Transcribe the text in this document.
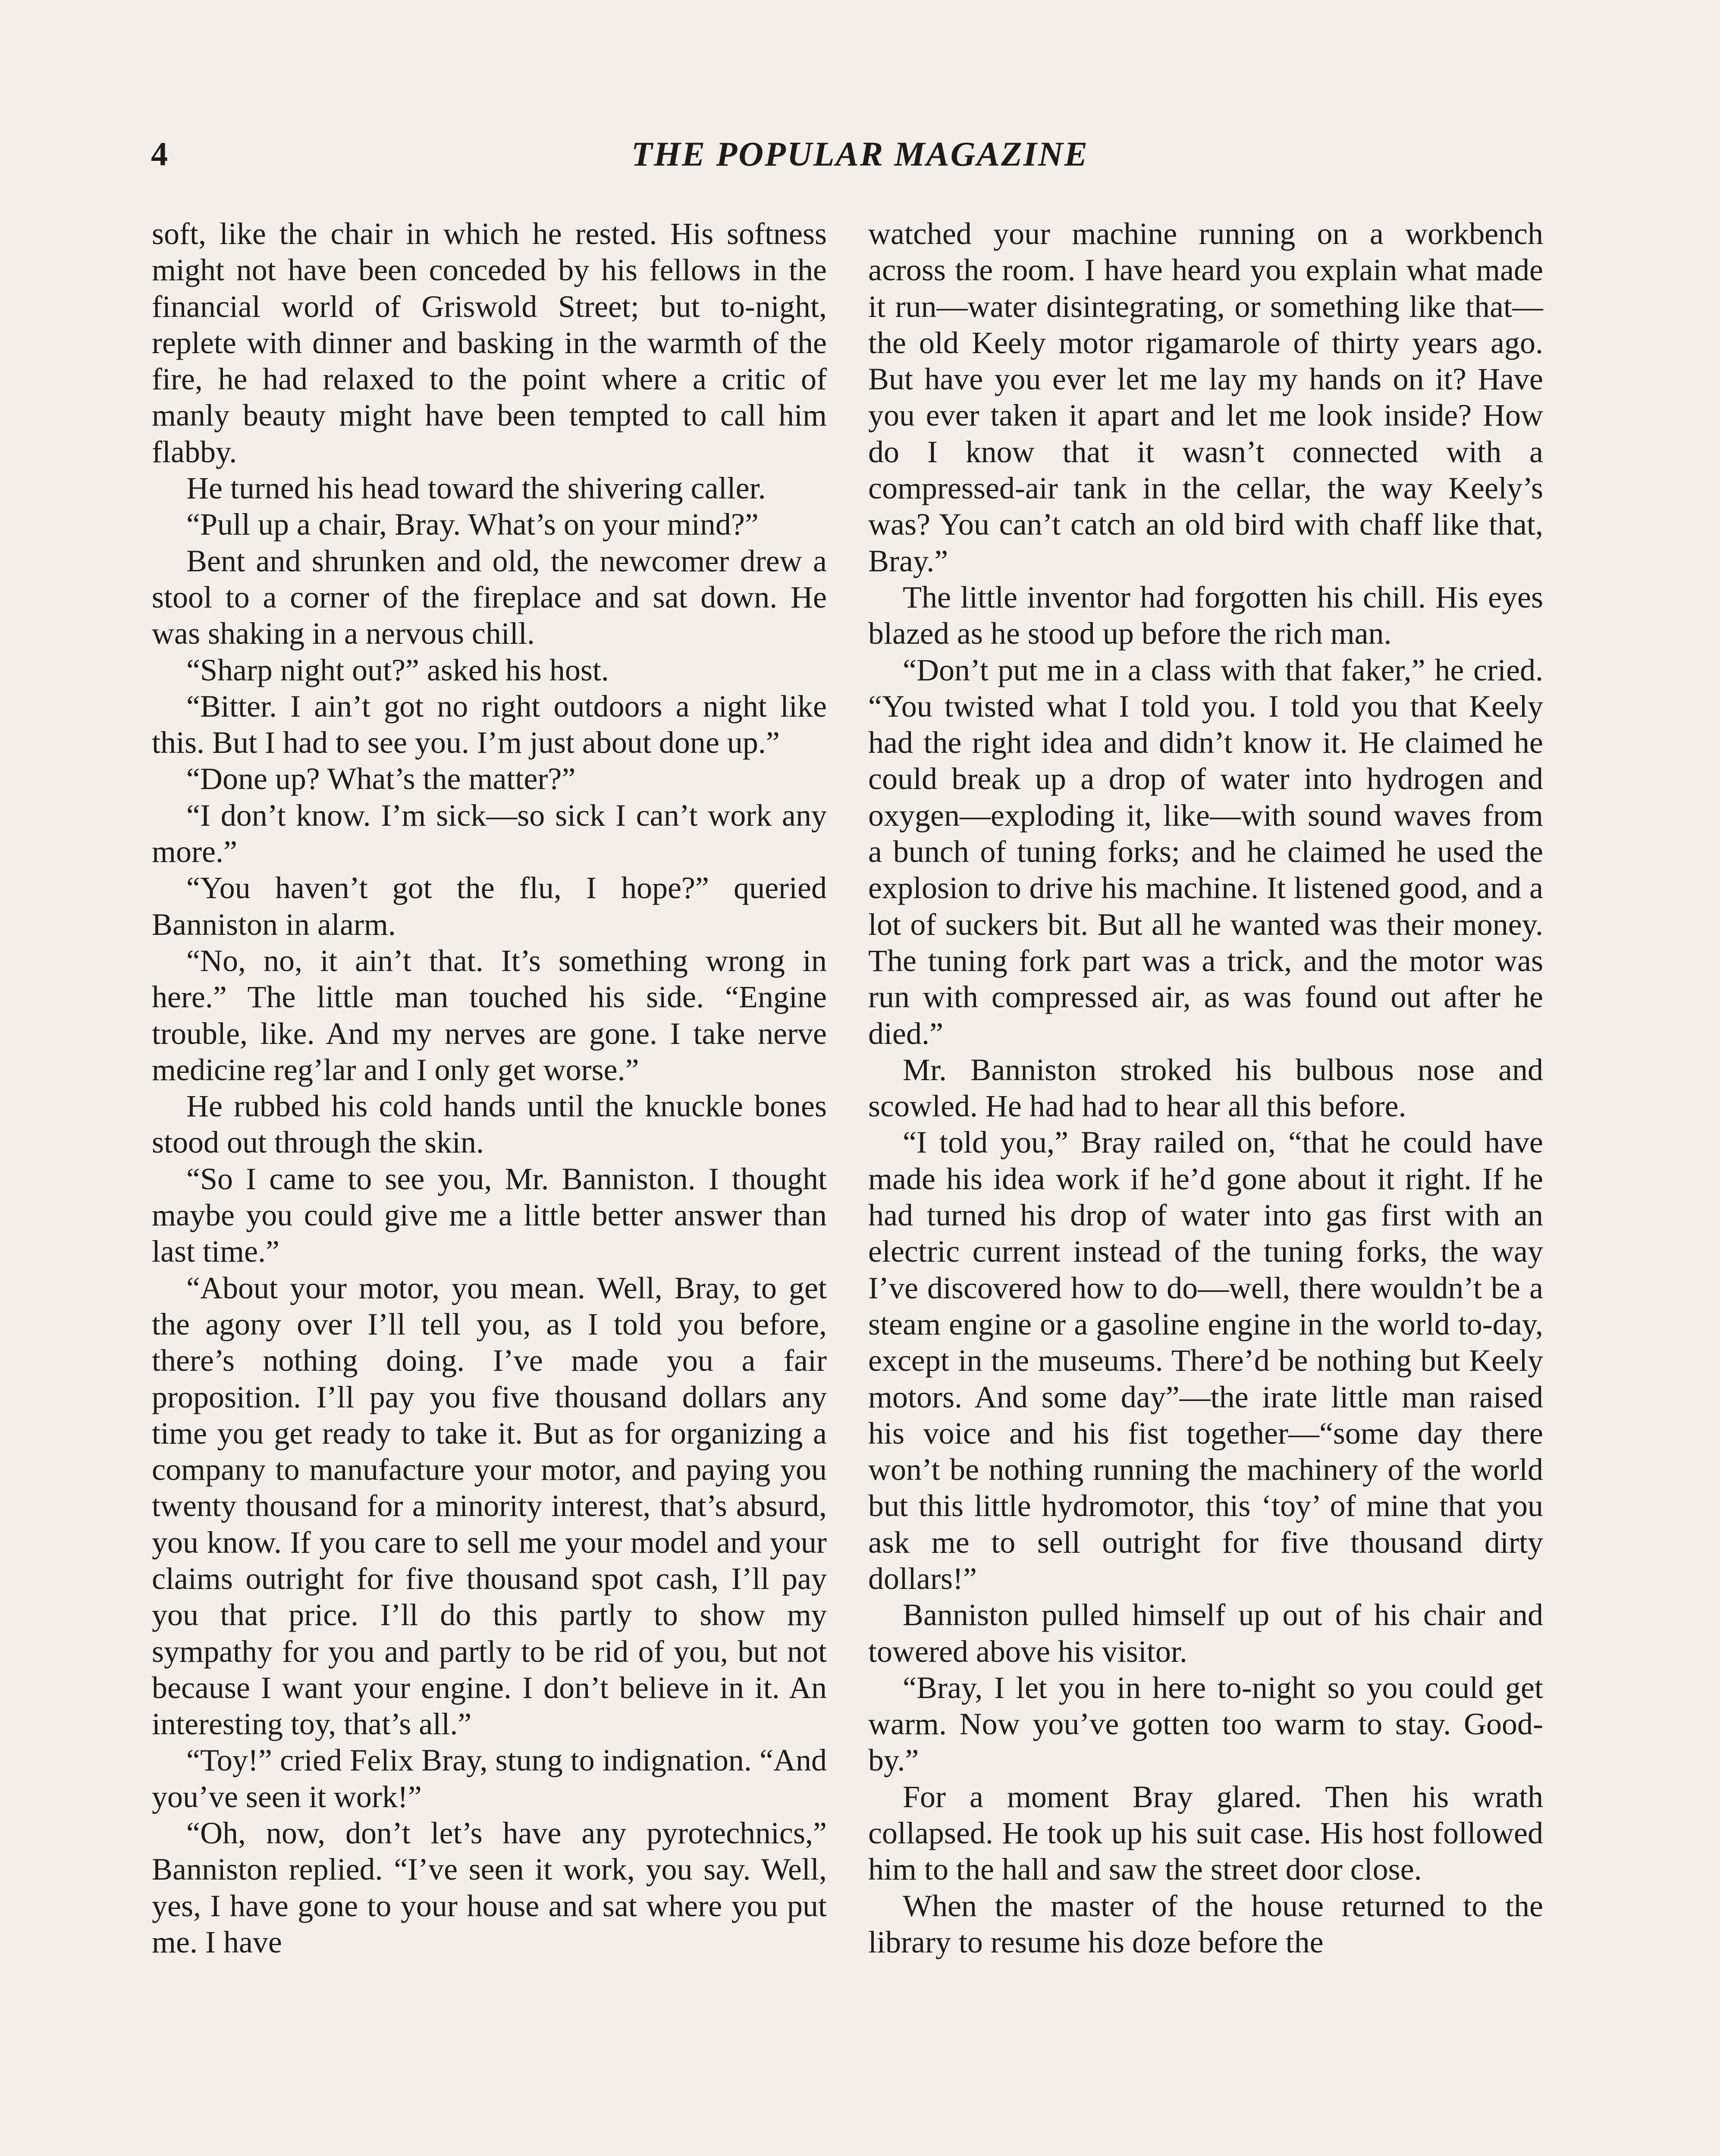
4	THE POPULAR MAGAZINE

soft, like the chair in which he rested. His softness might not have been conceded by his fellows in the financial world of Griswold Street; but to-night, replete with dinner and basking in the warmth of the fire, he had relaxed to the point where a critic of manly beauty might have been tempted to call him flabby.

He turned his head toward the shivering caller.

“Pull up a chair, Bray. What’s on your mind?”

Bent and shrunken and old, the newcomer drew a stool to a corner of the fireplace and sat down. He was shaking in a nervous chill.

“Sharp night out?” asked his host.

“Bitter. I ain’t got no right outdoors a night like this. But I had to see you. I’m just about done up.”

“Done up? What’s the matter?”

“I don’t know. I’m sick—so sick I can’t work any more.”

“You haven’t got the flu, I hope?” queried Banniston in alarm.

“No, no, it ain’t that. It’s something wrong in here.” The little man touched his side. “Engine trouble, like. And my nerves are gone. I take nerve medicine reg’lar and I only get worse.”

He rubbed his cold hands until the knuckle bones stood out through the skin.

“So I came to see you, Mr. Banniston. I thought maybe you could give me a little better answer than last time.”

“About your motor, you mean. Well, Bray, to get the agony over I’ll tell you, as I told you before, there’s nothing doing. I’ve made you a fair proposition. I’ll pay you five thousand dollars any time you get ready to take it. But as for organizing a company to manufacture your motor, and paying you twenty thousand for a minority interest, that’s absurd, you know. If you care to sell me your model and your claims outright for five thousand spot cash, I’ll pay you that price. I’ll do this partly to show my sympathy for you and partly to be rid of you, but not because I want your engine. I don’t believe in it. An interesting toy, that’s all.”

“Toy!” cried Felix Bray, stung to indignation. “And you’ve seen it work!”

“Oh, now, don’t let’s have any pyrotechnics,” Banniston replied. “I’ve seen it work, you say. Well, yes, I have gone to your house and sat where you put me. I have

watched your machine running on a workbench across the room. I have heard you explain what made it run—water disintegrating, or something like that—the old Keely motor rigamarole of thirty years ago. But have you ever let me lay my hands on it? Have you ever taken it apart and let me look inside? How do I know that it wasn’t connected with a compressed-air tank in the cellar, the way Keely’s was? You can’t catch an old bird with chaff like that, Bray.”

The little inventor had forgotten his chill. His eyes blazed as he stood up before the rich man.

“Don’t put me in a class with that faker,” he cried. “You twisted what I told you. I told you that Keely had the right idea and didn’t know it. He claimed he could break up a drop of water into hydrogen and oxygen—exploding it, like—with sound waves from a bunch of tuning forks; and he claimed he used the explosion to drive his machine. It listened good, and a lot of suckers bit. But all he wanted was their money. The tuning fork part was a trick, and the motor was run with compressed air, as was found out after he died.”

Mr. Banniston stroked his bulbous nose and scowled. He had had to hear all this before.

“I told you,” Bray railed on, “that he could have made his idea work if he’d gone about it right. If he had turned his drop of water into gas first with an electric current instead of the tuning forks, the way I’ve discovered how to do—well, there wouldn’t be a steam engine or a gasoline engine in the world to-day, except in the museums. There’d be nothing but Keely motors. And some day”—the irate little man raised his voice and his fist together—“some day there won’t be nothing running the machinery of the world but this little hydromotor, this ‘toy’ of mine that you ask me to sell outright for five thousand dirty dollars!”

Banniston pulled himself up out of his chair and towered above his visitor.

“Bray, I let you in here to-night so you could get warm. Now you’ve gotten too warm to stay. Good-by.”

For a moment Bray glared. Then his wrath collapsed. He took up his suit case. His host followed him to the hall and saw the street door close.

When the master of the house returned to the library to resume his doze before the
